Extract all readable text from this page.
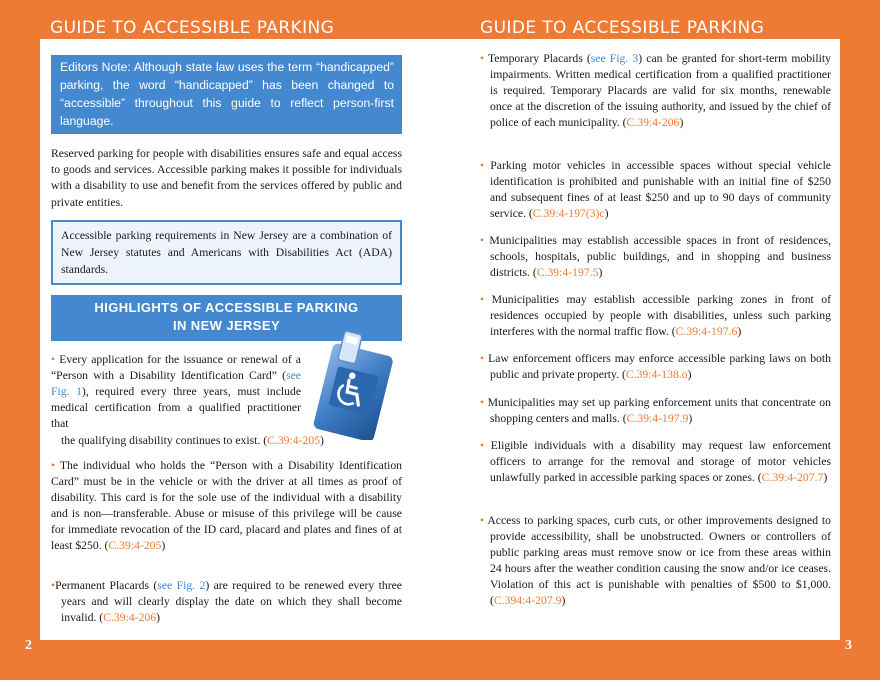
GUIDE TO ACCESSIBLE PARKING	GUIDE TO ACCESSIBLE PARKING
2	3
Editors Note: Although state law uses the term “handicapped” parking, the word “handicapped” has been changed to “accessible” throughout this guide to reflect person-first language.
Reserved parking for people with disabilities ensures safe and equal access to goods and services. Accessible parking makes it possible for individuals with a disability to use and benefit from the services offered by public and private entities.
Accessible parking requirements in New Jersey are a combination of New Jersey statutes and Americans with Disabilities Act (ADA) standards.
HIGHLIGHTS OF ACCESSIBLE PARKING
IN NEW JERSEY
• Every application for the issuance or renewal of a “Person with a Disability Identification Card” (see Fig. 1), required every three years, must include medical certification from a qualified practitioner that
the qualifying disability continues to exist. (C.39:4-205)
• The individual who holds the “Person with a Disability Identification Card” must be in the vehicle or with the driver at all times as proof of disability. This card is for the sole use of the individual with a disability and is non—transferable. Abuse or misuse of this privilege will be cause for immediate revocation of the ID card, placard and plates and fines of at least $250. (C.39:4-205)
•Permanent Placards (see Fig. 2) are required to be renewed every three years and will clearly display the date on which they shall become invalid. (C.39:4-206)
• Temporary Placards (see Fig. 3) can be granted for short-term mobility impairments. Written medical certification from a qualified practitioner is required. Temporary Placards are valid for six months, renewable once at the discretion of the issuing authority, and issued by the chief of police of each municipality. (C.39:4-206)
• Parking motor vehicles in accessible spaces without special vehicle identification is prohibited and punishable with an initial fine of $250 and subsequent fines of at least $250 and up to 90 days of community service. (C.39:4-197(3)c)
• Municipalities may establish accessible spaces in front of residences, schools, hospitals, public buildings, and in shopping and business districts. (C.39:4-197.5)
• Municipalities may establish accessible parking zones in front of residences occupied by people with disabilities, unless such parking interferes with the normal traffic flow. (C.39:4-197.6)
• Law enforcement officers may enforce accessible parking laws on both public and private property. (C.39:4-138.o)
• Municipalities may set up parking enforcement units that concentrate on shopping centers and malls. (C.39:4-197.9)
• Eligible individuals with a disability may request law enforcement officers to arrange for the removal and storage of motor vehicles unlawfully parked in accessible parking spaces or zones. (C.39:4-207.7)
• Access to parking spaces, curb cuts, or other improvements designed to provide accessibility, shall be unobstructed. Owners or controllers of public parking areas must remove snow or ice from these areas within 24 hours after the weather condition causing the snow and/or ice ceases. Violation of this act is punishable with penalties of $500 to $1,000. (C.394:4-207.9)
